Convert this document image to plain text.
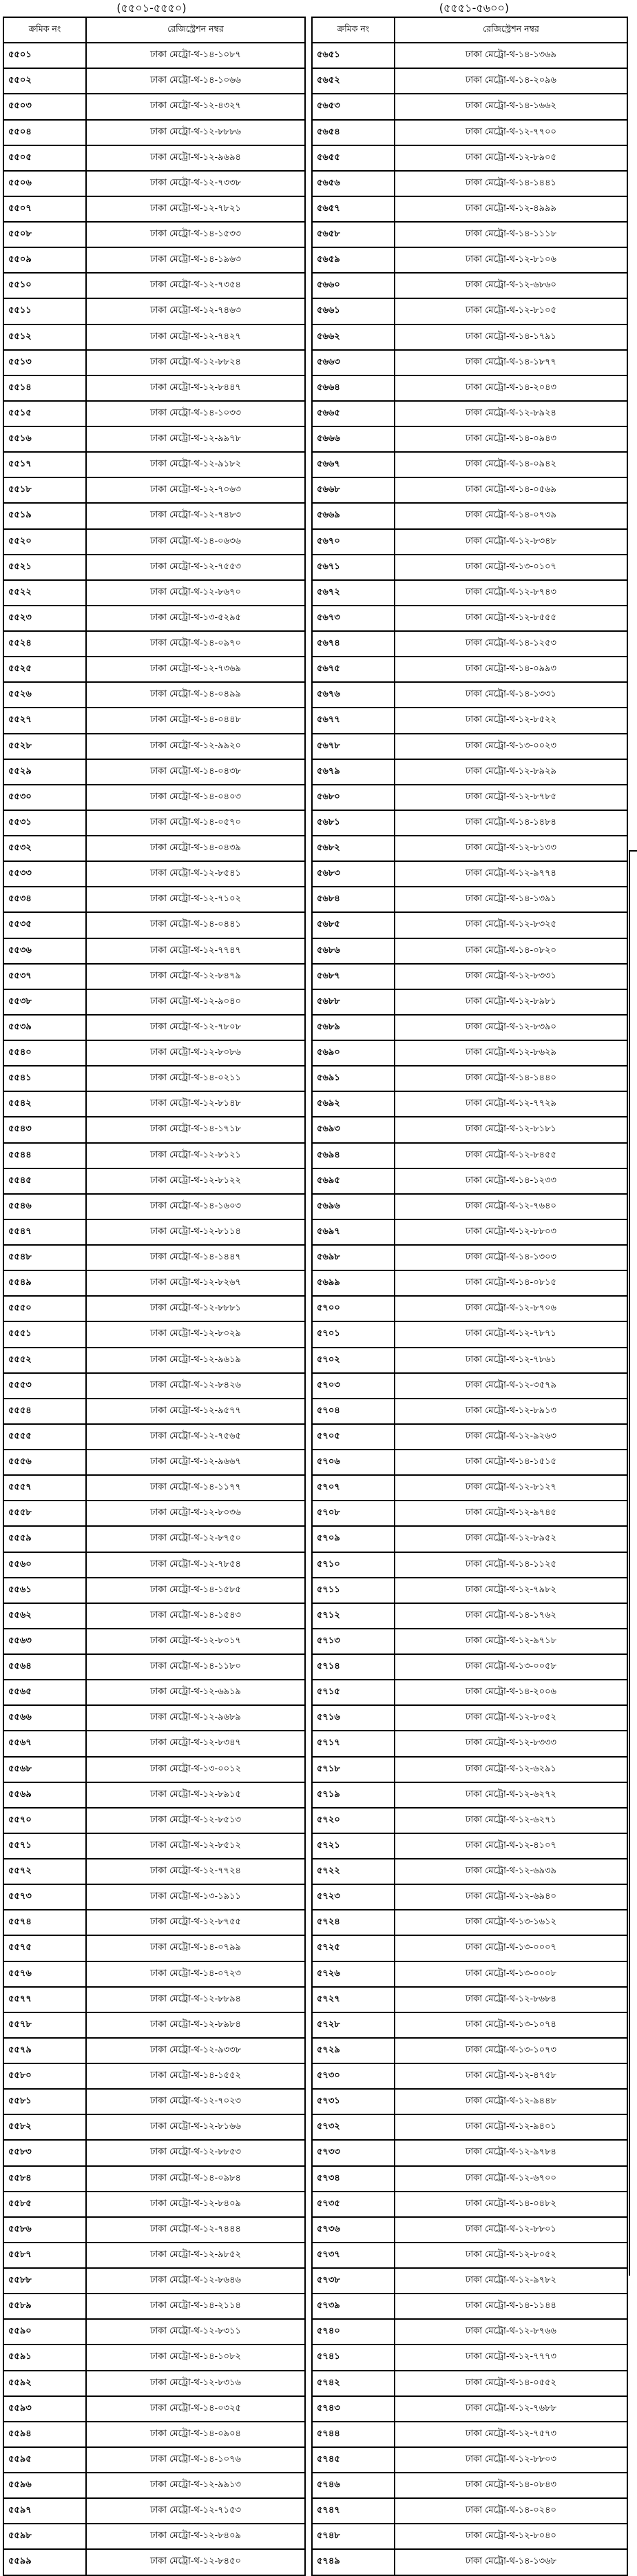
(৫৫০১-৫৫৫০)	(৫৫৫১-৫৬০০)
ক্রমিক নং	রেজিস্ট্রেশন নম্বর
৫৫০১	ঢাকা মেট্রো-থ-১৪-১০৮৭
৫৫০২	ঢাকা মেট্রো-থ-১৪-১০৬৬
৫৫০৩	ঢাকা মেট্রো-থ-১২-৪৩২৭
৫৫০৪	ঢাকা মেট্রো-থ-১২-৮৮৮৬
৫৫০৫	ঢাকা মেট্রো-থ-১২-৯৬৯৪
৫৫০৬	ঢাকা মেট্রো-থ-১২-৭৩৩৮
৫৫০৭	ঢাকা মেট্রো-থ-১২-৭৮২১
৫৫০৮	ঢাকা মেট্রো-থ-১৪-১৫৩৩
৫৫০৯	ঢাকা মেট্রো-থ-১৪-১৯৬৩
৫৫১০	ঢাকা মেট্রো-থ-১২-৭৩৫৪
৫৫১১	ঢাকা মেট্রো-থ-১২-৭৪৬৩
৫৫১২	ঢাকা মেট্রো-থ-১২-৭৪২৭
৫৫১৩	ঢাকা মেট্রো-থ-১২-৮৮২৪
৫৫১৪	ঢাকা মেট্রো-থ-১২-৮৪৪৭
৫৫১৫	ঢাকা মেট্রো-থ-১৪-১০৩৩
৫৫১৬	ঢাকা মেট্রো-থ-১২-৯৯৭৮
৫৫১৭	ঢাকা মেট্রো-থ-১২-৯১৮২
৫৫১৮	ঢাকা মেট্রো-থ-১২-৭০৬৩
৫৫১৯	ঢাকা মেট্রো-থ-১২-৭৪৮৩
৫৫২০	ঢাকা মেট্রো-থ-১৪-০৬৩৬
৫৫২১	ঢাকা মেট্রো-থ-১২-৭৫৫৩
৫৫২২	ঢাকা মেট্রো-থ-১২-৮৬৭০
৫৫২৩	ঢাকা মেট্রো-থ-১৩-৫২৯৫
৫৫২৪	ঢাকা মেট্রো-থ-১৪-০৯৭০
৫৫২৫	ঢাকা মেট্রো-থ-১২-৭৩৬৯
৫৫২৬	ঢাকা মেট্রো-থ-১৪-০৪৯৯
৫৫২৭	ঢাকা মেট্রো-থ-১৪-০৪৪৮
৫৫২৮	ঢাকা মেট্রো-থ-১২-৯৯২০
৫৫২৯	ঢাকা মেট্রো-থ-১৪-০৪৩৮
৫৫৩০	ঢাকা মেট্রো-থ-১৪-০৪০৩
৫৫৩১	ঢাকা মেট্রো-থ-১৪-০৫৭০
৫৫৩২	ঢাকা মেট্রো-থ-১৪-০৪৩৯
৫৫৩৩	ঢাকা মেট্রো-থ-১২-৮৫৪১
৫৫৩৪	ঢাকা মেট্রো-থ-১২-৭১০২
৫৫৩৫	ঢাকা মেট্রো-থ-১৪-০৪৪১
৫৫৩৬	ঢাকা মেট্রো-থ-১২-৭৭৪৭
৫৫৩৭	ঢাকা মেট্রো-থ-১২-৮৪৭৯
৫৫৩৮	ঢাকা মেট্রো-থ-১২-৯০৪০
৫৫৩৯	ঢাকা মেট্রো-থ-১২-৭৮০৮
৫৫৪০	ঢাকা মেট্রো-থ-১২-৮০৮৬
৫৫৪১	ঢাকা মেট্রো-থ-১৪-০২১১
৫৫৪২	ঢাকা মেট্রো-থ-১২-৮১৪৮
৫৫৪৩	ঢাকা মেট্রো-থ-১৪-১৭১৮
৫৫৪৪	ঢাকা মেট্রো-থ-১২-৮১২১
৫৫৪৫	ঢাকা মেট্রো-থ-১২-৮১২২
৫৫৪৬	ঢাকা মেট্রো-থ-১৪-১৬০৩
৫৫৪৭	ঢাকা মেট্রো-থ-১২-৮১১৪
৫৫৪৮	ঢাকা মেট্রো-থ-১৪-১৪৪৭
৫৫৪৯	ঢাকা মেট্রো-থ-১২-৮২৬৭
৫৫৫০	ঢাকা মেট্রো-থ-১২-৮৮৮১
৫৫৫১	ঢাকা মেট্রো-থ-১২-৮০২৯
৫৫৫২	ঢাকা মেট্রো-থ-১২-৯৬১৯
৫৫৫৩	ঢাকা মেট্রো-থ-১২-৮৪২৬
৫৫৫৪	ঢাকা মেট্রো-থ-১২-৯৫৭৭
৫৫৫৫	ঢাকা মেট্রো-থ-১২-৭৫৬৫
৫৫৫৬	ঢাকা মেট্রো-থ-১২-৯৬৬৭
৫৫৫৭	ঢাকা মেট্রো-থ-১৪-১১৭৭
৫৫৫৮	ঢাকা মেট্রো-থ-১২-৮০৩৬
৫৫৫৯	ঢাকা মেট্রো-থ-১২-৮৭৫০
৫৫৬০	ঢাকা মেট্রো-থ-১২-৭৮৫৪
৫৫৬১	ঢাকা মেট্রো-থ-১৪-১৫৮৫
৫৫৬২	ঢাকা মেট্রো-থ-১৪-১৫৪৩
৫৫৬৩	ঢাকা মেট্রো-থ-১২-৮০১৭
৫৫৬৪	ঢাকা মেট্রো-থ-১৪-১১৮০
৫৫৬৫	ঢাকা মেট্রো-থ-১২-৬৯১৯
৫৫৬৬	ঢাকা মেট্রো-থ-১২-৯৬৮৯
৫৫৬৭	ঢাকা মেট্রো-থ-১২-৮৩৪৭
৫৫৬৮	ঢাকা মেট্রো-থ-১৩-০০১২
৫৫৬৯	ঢাকা মেট্রো-থ-১২-৮৯১৫
৫৫৭০	ঢাকা মেট্রো-থ-১২-৮৫১৩
৫৫৭১	ঢাকা মেট্রো-থ-১২-৮৫১২
৫৫৭২	ঢাকা মেট্রো-থ-১২-৭৭২৪
৫৫৭৩	ঢাকা মেট্রো-থ-১৩-১৯১১
৫৫৭৪	ঢাকা মেট্রো-থ-১২-৮৭৫৫
৫৫৭৫	ঢাকা মেট্রো-থ-১৪-০৭৯৯
৫৫৭৬	ঢাকা মেট্রো-থ-১৪-০৭২৩
৫৫৭৭	ঢাকা মেট্রো-থ-১২-৮৮৯৪
৫৫৭৮	ঢাকা মেট্রো-থ-১২-৮৯৮৪
৫৫৭৯	ঢাকা মেট্রো-থ-১২-৯৩৩৮
৫৫৮০	ঢাকা মেট্রো-থ-১৪-১৫৫২
৫৫৮১	ঢাকা মেট্রো-থ-১২-৭০২৩
৫৫৮২	ঢাকা মেট্রো-থ-১২-৮১৬৬
৫৫৮৩	ঢাকা মেট্রো-থ-১২-৮৮৫৩
৫৫৮৪	ঢাকা মেট্রো-থ-১৪-০৯৮৪
৫৫৮৫	ঢাকা মেট্রো-থ-১২-৮৪০৯
৫৫৮৬	ঢাকা মেট্রো-থ-১২-৭৪৪৪
৫৫৮৭	ঢাকা মেট্রো-থ-১২-৯৮৫২
৫৫৮৮	ঢাকা মেট্রো-থ-১২-৮৬৪৬
৫৫৮৯	ঢাকা মেট্রো-থ-১৪-২১১৪
৫৫৯০	ঢাকা মেট্রো-থ-১২-৮৩১১
৫৫৯১	ঢাকা মেট্রো-থ-১৪-১০৮২
৫৫৯২	ঢাকা মেট্রো-থ-১২-৮৩১৬
৫৫৯৩	ঢাকা মেট্রো-থ-১৪-০৩২৫
৫৫৯৪	ঢাকা মেট্রো-থ-১৪-০৯০৪
৫৫৯৫	ঢাকা মেট্রো-থ-১৪-১০৭৬
৫৫৯৬	ঢাকা মেট্রো-থ-১২-৯৯১৩
৫৫৯৭	ঢাকা মেট্রো-থ-১২-৭১৫৩
৫৫৯৮	ঢাকা মেট্রো-থ-১২-৮৪০৯
৫৫৯৯	ঢাকা মেট্রো-থ-১২-৮৪৫০
ক্রমিক নং	রেজিস্ট্রেশন নম্বর
৫৬৫১	ঢাকা মেট্রো-থ-১৪-১৩৬৯
৫৬৫২	ঢাকা মেট্রো-থ-১৪-২০৯৬
৫৬৫৩	ঢাকা মেট্রো-থ-১৪-১৬৬২
৫৬৫৪	ঢাকা মেট্রো-থ-১২-৭৭০০
৫৬৫৫	ঢাকা মেট্রো-থ-১২-৮৯০৫
৫৬৫৬	ঢাকা মেট্রো-থ-১৪-১৪৪১
৫৬৫৭	ঢাকা মেট্রো-থ-১২-৪৯৯৯
৫৬৫৮	ঢাকা মেট্রো-থ-১৪-১১১৮
৫৬৫৯	ঢাকা মেট্রো-থ-১২-৮১০৬
৫৬৬০	ঢাকা মেট্রো-থ-১২-৬৮৬০
৫৬৬১	ঢাকা মেট্রো-থ-১২-৮১০৫
৫৬৬২	ঢাকা মেট্রো-থ-১৪-১৭৯১
৫৬৬৩	ঢাকা মেট্রো-থ-১৪-১৮৭৭
৫৬৬৪	ঢাকা মেট্রো-থ-১৪-২০৪৩
৫৬৬৫	ঢাকা মেট্রো-থ-১২-৮৯২৪
৫৬৬৬	ঢাকা মেট্রো-থ-১৪-০৯৪৩
৫৬৬৭	ঢাকা মেট্রো-থ-১৪-০৯৪২
৫৬৬৮	ঢাকা মেট্রো-থ-১৪-০৫৬৯
৫৬৬৯	ঢাকা মেট্রো-থ-১৪-০৭৩৯
৫৬৭০	ঢাকা মেট্রো-থ-১২-৮৩৪৮
৫৬৭১	ঢাকা মেট্রো-থ-১৩-০১০৭
৫৬৭২	ঢাকা মেট্রো-থ-১২-৮৭৪৩
৫৬৭৩	ঢাকা মেট্রো-থ-১২-৮৫৫৫
৫৬৭৪	ঢাকা মেট্রো-থ-১৪-১২৫৩
৫৬৭৫	ঢাকা মেট্রো-থ-১৪-০৯৯৩
৫৬৭৬	ঢাকা মেট্রো-থ-১৪-১৩৩১
৫৬৭৭	ঢাকা মেট্রো-থ-১২-৮৫২২
৫৬৭৮	ঢাকা মেট্রো-থ-১৩-০০২৩
৫৬৭৯	ঢাকা মেট্রো-থ-১২-৮৯২৯
৫৬৮০	ঢাকা মেট্রো-থ-১২-৮৭৮৫
৫৬৮১	ঢাকা মেট্রো-থ-১৪-১৪৮৪
৫৬৮২	ঢাকা মেট্রো-থ-১২-৮১৩৩
৫৬৮৩	ঢাকা মেট্রো-থ-১২-৯৭৭৪
৫৬৮৪	ঢাকা মেট্রো-থ-১৪-১৩৯১
৫৬৮৫	ঢাকা মেট্রো-থ-১২-৮৩২৫
৫৬৮৬	ঢাকা মেট্রো-থ-১৪-০৮২০
৫৬৮৭	ঢাকা মেট্রো-থ-১২-৮৩৩১
৫৬৮৮	ঢাকা মেট্রো-থ-১২-৮৯৮১
৫৬৮৯	ঢাকা মেট্রো-থ-১২-৮৩৯০
৫৬৯০	ঢাকা মেট্রো-থ-১২-৮৬২৯
৫৬৯১	ঢাকা মেট্রো-থ-১৪-১৪৪০
৫৬৯২	ঢাকা মেট্রো-থ-১২-৭৭২৯
৫৬৯৩	ঢাকা মেট্রো-থ-১২-৮১৮১
৫৬৯৪	ঢাকা মেট্রো-থ-১২-৮৪৫৫
৫৬৯৫	ঢাকা মেট্রো-থ-১৪-১২৩৩
৫৬৯৬	ঢাকা মেট্রো-থ-১২-৭৬৪০
৫৬৯৭	ঢাকা মেট্রো-থ-১২-৮৮০৩
৫৬৯৮	ঢাকা মেট্রো-থ-১৪-১৩০৩
৫৬৯৯	ঢাকা মেট্রো-থ-১৪-০৮১৫
৫৭০০	ঢাকা মেট্রো-থ-১২-৮৭০৬
৫৭০১	ঢাকা মেট্রো-থ-১২-৭৮৭১
৫৭০২	ঢাকা মেট্রো-থ-১২-৭৮৬১
৫৭০৩	ঢাকা মেট্রো-থ-১২-৩৫৭৯
৫৭০৪	ঢাকা মেট্রো-থ-১২-৮৯১৩
৫৭০৫	ঢাকা মেট্রো-থ-১২-৯২৬৩
৫৭০৬	ঢাকা মেট্রো-থ-১৪-১৫১৫
৫৭০৭	ঢাকা মেট্রো-থ-১২-৮১২৭
৫৭০৮	ঢাকা মেট্রো-থ-১২-৯৭৪৫
৫৭০৯	ঢাকা মেট্রো-থ-১২-৮৯৫২
৫৭১০	ঢাকা মেট্রো-থ-১৪-১১২৫
৫৭১১	ঢাকা মেট্রো-থ-১২-৭৯৮২
৫৭১২	ঢাকা মেট্রো-থ-১৪-১৭৬২
৫৭১৩	ঢাকা মেট্রো-থ-১২-৯৭১৮
৫৭১৪	ঢাকা মেট্রো-থ-১৩-০০৫৮
৫৭১৫	ঢাকা মেট্রো-থ-১৪-২০০৬
৫৭১৬	ঢাকা মেট্রো-থ-১২-৮০৫২
৫৭১৭	ঢাকা মেট্রো-থ-১২-৮৩৩৩
৫৭১৮	ঢাকা মেট্রো-থ-১২-৬২৯১
৫৭১৯	ঢাকা মেট্রো-থ-১২-৬২৭২
৫৭২০	ঢাকা মেট্রো-থ-১২-৬২৭১
৫৭২১	ঢাকা মেট্রো-থ-১২-৪১০৭
৫৭২২	ঢাকা মেট্রো-থ-১২-৬৯৩৯
৫৭২৩	ঢাকা মেট্রো-থ-১২-৬৯৪০
৫৭২৪	ঢাকা মেট্রো-থ-১৩-১৬১২
৫৭২৫	ঢাকা মেট্রো-থ-১৩-০০০৭
৫৭২৬	ঢাকা মেট্রো-থ-১৩-০০০৮
৫৭২৭	ঢাকা মেট্রো-থ-১২-৮৬৮৪
৫৭২৮	ঢাকা মেট্রো-থ-১৩-১০৭৪
৫৭২৯	ঢাকা মেট্রো-থ-১৩-১০৭৩
৫৭৩০	ঢাকা মেট্রো-থ-১২-৪৭৫৮
৫৭৩১	ঢাকা মেট্রো-থ-১২-৯৪৪৮
৫৭৩২	ঢাকা মেট্রো-থ-১২-৯৪০১
৫৭৩৩	ঢাকা মেট্রো-থ-১২-৯৭৮৪
৫৭৩৪	ঢাকা মেট্রো-থ-১২-৬৭০০
৫৭৩৫	ঢাকা মেট্রো-থ-১৪-০৪৮২
৫৭৩৬	ঢাকা মেট্রো-থ-১২-৮৮০১
৫৭৩৭	ঢাকা মেট্রো-থ-১২-৮০৫২
৫৭৩৮	ঢাকা মেট্রো-থ-১২-৯৭৮২
৫৭৩৯	ঢাকা মেট্রো-থ-১৪-১১৪৪
৫৭৪০	ঢাকা মেট্রো-থ-১২-৮৭৬৬
৫৭৪১	ঢাকা মেট্রো-থ-১২-৭৭৭৩
৫৭৪২	ঢাকা মেট্রো-থ-১৪-০৫৫২
৫৭৪৩	ঢাকা মেট্রো-থ-১২-৭৬৮৮
৫৭৪৪	ঢাকা মেট্রো-থ-১২-৭৫৭৩
৫৭৪৫	ঢাকা মেট্রো-থ-১২-৮৮০৩
৫৭৪৬	ঢাকা মেট্রো-থ-১৪-০৮৪৩
৫৭৪৭	ঢাকা মেট্রো-থ-১৪-০২৪০
৫৭৪৮	ঢাকা মেট্রো-থ-১২-৮০৪০
৫৭৪৯	ঢাকা মেট্রো-থ-১৪-১৩৬৮
